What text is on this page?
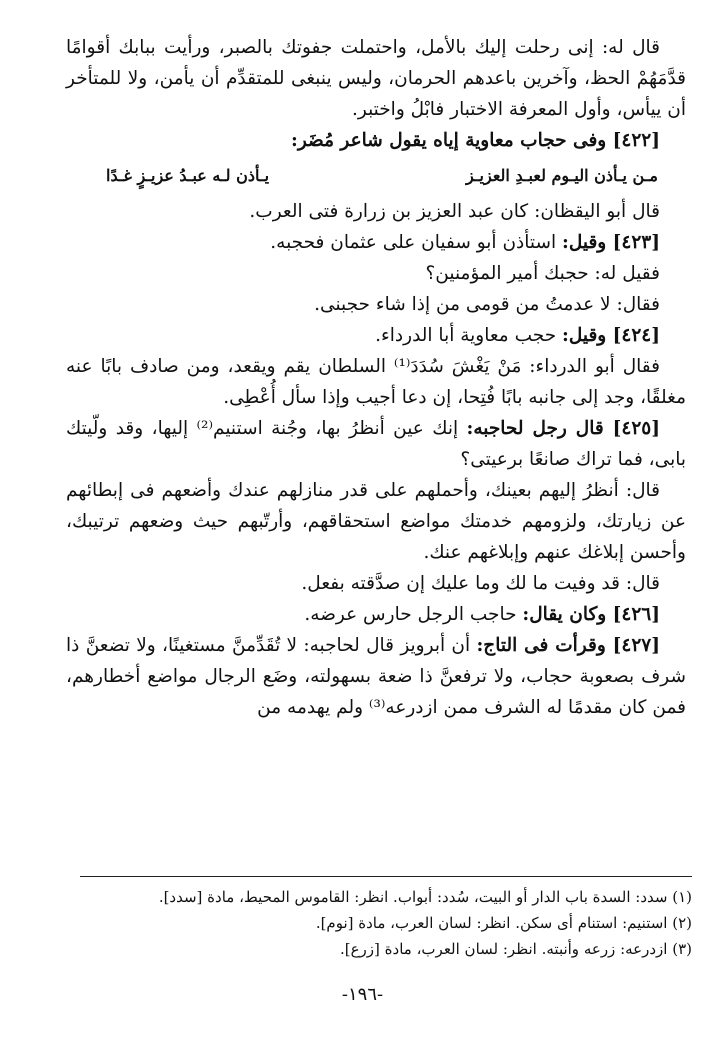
قال له: إنى رحلت إليك بالأمل، واحتملت جفوتك بالصبر، ورأيت ببابك أقوامًا قدَّمَهُمْ الحظ، وآخرين باعدهم الحرمان، وليس ينبغى للمتقدِّم أن يأمن، ولا للمتأخر أن ييأس، وأول المعرفة الاختبار فابْلُ واختبر.

[٤٢٢] وفى حجاب معاوية إياه يقول شاعر مُضَر:

مـن يـأذن اليـوم لعبـدِ العزيـز
يـأذن لـه عبـدُ عزيـزٍ غـدًا

قال أبو اليقظان: كان عبد العزيز بن زرارة فتى العرب.

[٤٢٣] وقيل: استأذن أبو سفيان على عثمان فحجبه.

فقيل له: حجبك أمير المؤمنين؟

فقال: لا عدمتُ من قومى من إذا شاء حجبنى.

[٤٢٤] وقيل: حجب معاوية أبا الدرداء.

فقال أبو الدرداء: مَنْ يَغْشَ سُدَدَ⁽¹⁾ السلطان يقم ويقعد، ومن صادف بابًا عنه مغلقًا، وجد إلى جانبه بابًا فُتِحا، إن دعا أجيب وإذا سأل أُعْطِى.

[٤٢٥] قال رجل لحاجبه: إنك عين أنظرُ بها، وجُنة استنيم⁽²⁾ إليها، وقد ولّيتك بابى، فما تراك صانعًا برعيتى؟

قال: أنظرُ إليهم بعينك، وأحملهم على قدر منازلهم عندك وأضعهم فى إبطائهم عن زيارتك، ولزومهم خدمتك مواضع استحقاقهم، وأرتّبهم حيث وضعهم ترتيبك، وأحسن إبلاغك عنهم وإبلاغهم عنك.

قال: قد وفيت ما لك وما عليك إن صدَّقته بفعل.

[٤٢٦] وكان يقال: حاجب الرجل حارس عرضه.

[٤٢٧] وقرأت فى التاج: أن أبرويز قال لحاجبه: لا تُقَدِّمنَّ مستغينًا، ولا تضعنَّ ذا شرف بصعوبة حجاب، ولا ترفعنَّ ذا ضعة بسهولته، وضَع الرجال مواضع أخطارهم، فمن كان مقدمًا له الشرف ممن ازدرعه⁽³⁾ ولم يهدمه من

(١) سدد: السدة باب الدار أو البيت، سُدد: أبواب. انظر: القاموس المحيط، مادة [سدد].

(٢) استنيم: استنام أى سكن. انظر: لسان العرب، مادة [نوم].

(٣) ازدرعه: زرعه وأنبته. انظر: لسان العرب، مادة [زرع].

-١٩٦-
